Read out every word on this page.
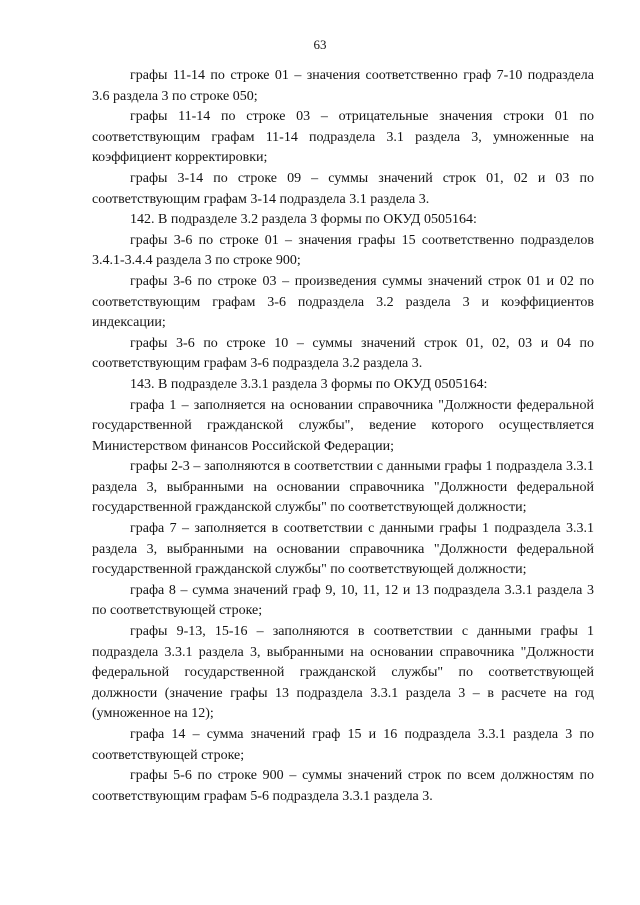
63

графы 11-14 по строке 01 – значения соответственно граф 7-10 подраздела 3.6 раздела 3 по строке 050;

графы 11-14 по строке 03 – отрицательные значения строки 01 по соответствующим графам 11-14 подраздела 3.1 раздела 3, умноженные на коэффициент корректировки;

графы 3-14 по строке 09 – суммы значений строк 01, 02 и 03 по соответствующим графам 3-14 подраздела 3.1 раздела 3.

142. В подразделе 3.2 раздела 3 формы по ОКУД 0505164:

графы 3-6 по строке 01 – значения графы 15 соответственно подразделов 3.4.1-3.4.4 раздела 3 по строке 900;

графы 3-6 по строке 03 – произведения суммы значений строк 01 и 02 по соответствующим графам 3-6 подраздела 3.2 раздела 3 и коэффициентов индексации;

графы 3-6 по строке 10 – суммы значений строк 01, 02, 03 и 04 по соответствующим графам 3-6 подраздела 3.2 раздела 3.

143. В подразделе 3.3.1 раздела 3 формы по ОКУД 0505164:

графа 1 – заполняется на основании справочника "Должности федеральной государственной гражданской службы", ведение которого осуществляется Министерством финансов Российской Федерации;

графы 2-3 – заполняются в соответствии с данными графы 1 подраздела 3.3.1 раздела 3, выбранными на основании справочника "Должности федеральной государственной гражданской службы" по соответствующей должности;

графа 7 – заполняется в соответствии с данными графы 1 подраздела 3.3.1 раздела 3, выбранными на основании справочника "Должности федеральной государственной гражданской службы" по соответствующей должности;

графа 8 – сумма значений граф 9, 10, 11, 12 и 13 подраздела 3.3.1 раздела 3 по соответствующей строке;

графы 9-13, 15-16 – заполняются в соответствии с данными графы 1 подраздела 3.3.1 раздела 3, выбранными на основании справочника "Должности федеральной государственной гражданской службы" по соответствующей должности (значение графы 13 подраздела 3.3.1 раздела 3 – в расчете на год (умноженное на 12);

графа 14 – сумма значений граф 15 и 16 подраздела 3.3.1 раздела 3 по соответствующей строке;

графы 5-6 по строке 900 – суммы значений строк по всем должностям по соответствующим графам 5-6 подраздела 3.3.1 раздела 3.
